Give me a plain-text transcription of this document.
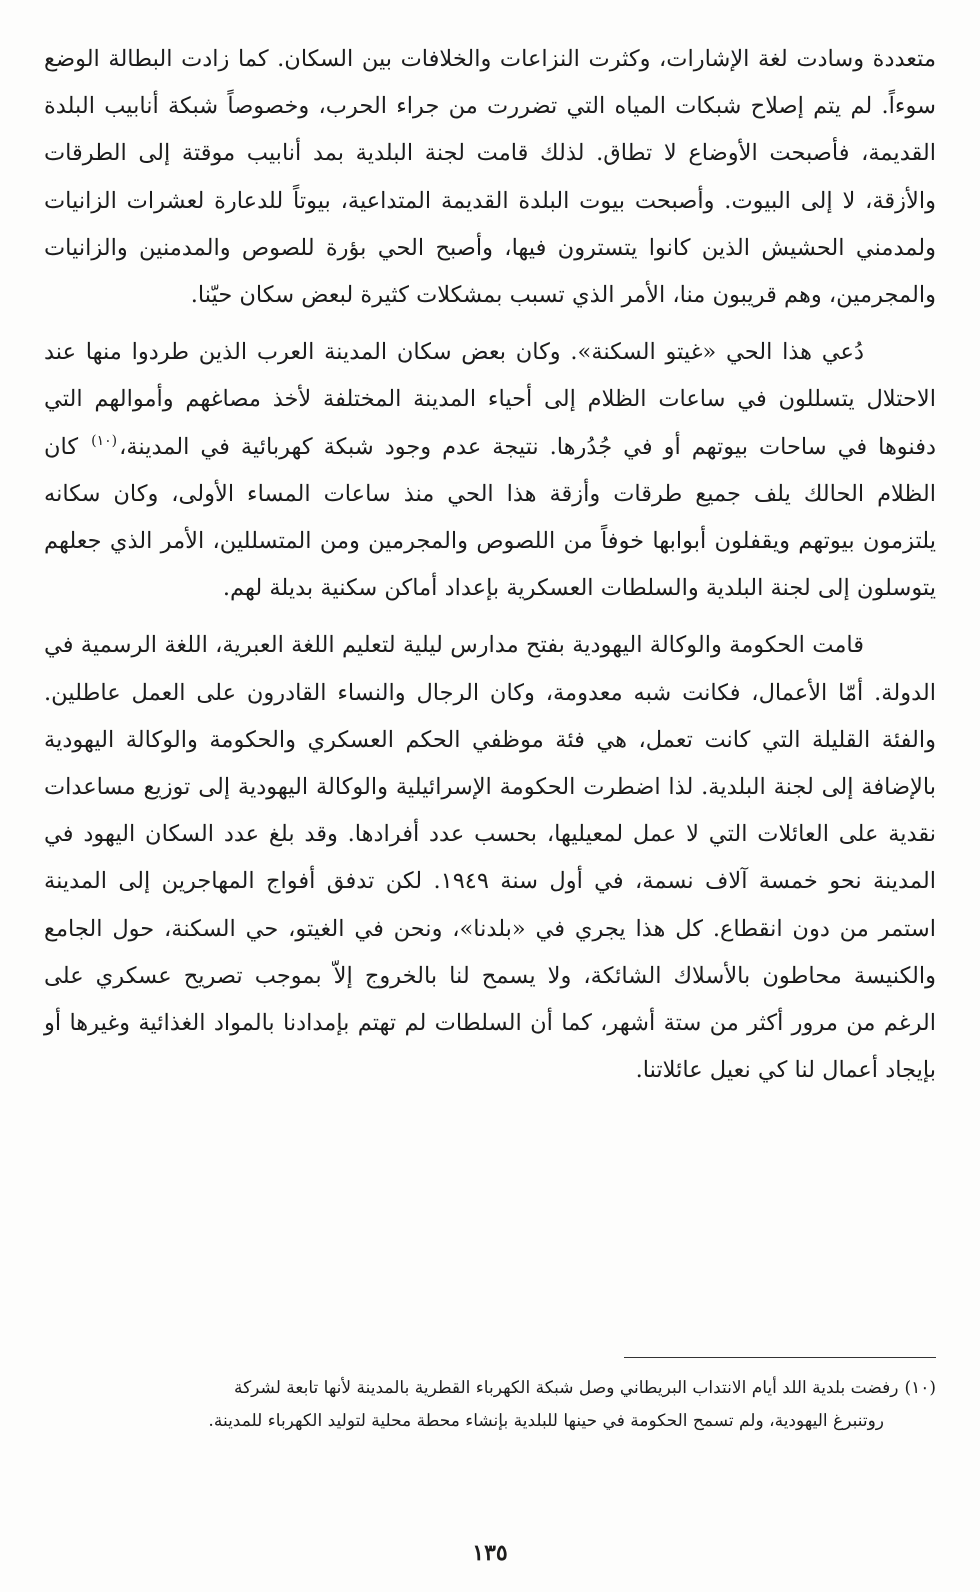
متعددة وسادت لغة الإشارات، وكثرت النزاعات والخلافات بين السكان. كما زادت البطالة الوضع سوءاً. لم يتم إصلاح شبكات المياه التي تضررت من جراء الحرب، وخصوصاً شبكة أنابيب البلدة القديمة، فأصبحت الأوضاع لا تطاق. لذلك قامت لجنة البلدية بمد أنابيب موقتة إلى الطرقات والأزقة، لا إلى البيوت. وأصبحت بيوت البلدة القديمة المتداعية، بيوتاً للدعارة لعشرات الزانيات ولمدمني الحشيش الذين كانوا يتسترون فيها، وأصبح الحي بؤرة للصوص والمدمنين والزانيات والمجرمين، وهم قريبون منا، الأمر الذي تسبب بمشكلات كثيرة لبعض سكان حيّنا.

دُعي هذا الحي «غيتو السكنة». وكان بعض سكان المدينة العرب الذين طردوا منها عند الاحتلال يتسللون في ساعات الظلام إلى أحياء المدينة المختلفة لأخذ مصاغهم وأموالهم التي دفنوها في ساحات بيوتهم أو في جُدُرها. نتيجة عدم وجود شبكة كهربائية في المدينة،$^{(١٠)}$ كان الظلام الحالك يلف جميع طرقات وأزقة هذا الحي منذ ساعات المساء الأولى، وكان سكانه يلتزمون بيوتهم ويقفلون أبوابها خوفاً من اللصوص والمجرمين ومن المتسللين، الأمر الذي جعلهم يتوسلون إلى لجنة البلدية والسلطات العسكرية بإعداد أماكن سكنية بديلة لهم.

قامت الحكومة والوكالة اليهودية بفتح مدارس ليلية لتعليم اللغة العبرية، اللغة الرسمية في الدولة. أمّا الأعمال، فكانت شبه معدومة، وكان الرجال والنساء القادرون على العمل عاطلين. والفئة القليلة التي كانت تعمل، هي فئة موظفي الحكم العسكري والحكومة والوكالة اليهودية بالإضافة إلى لجنة البلدية. لذا اضطرت الحكومة الإسرائيلية والوكالة اليهودية إلى توزيع مساعدات نقدية على العائلات التي لا عمل لمعيليها، بحسب عدد أفرادها. وقد بلغ عدد السكان اليهود في المدينة نحو خمسة آلاف نسمة، في أول سنة ١٩٤٩. لكن تدفق أفواج المهاجرين إلى المدينة استمر من دون انقطاع. كل هذا يجري في «بلدنا»، ونحن في الغيتو، حي السكنة، حول الجامع والكنيسة محاطون بالأسلاك الشائكة، ولا يسمح لنا بالخروج إلاّ بموجب تصريح عسكري على الرغم من مرور أكثر من ستة أشهر، كما أن السلطات لم تهتم بإمدادنا بالمواد الغذائية وغيرها أو بإيجاد أعمال لنا كي نعيل عائلاتنا.

(١٠)رفضت بلدية اللد أيام الانتداب البريطاني وصل شبكة الكهرباء القطرية بالمدينة لأنها تابعة لشركة
روتنبرغ اليهودية، ولم تسمح الحكومة في حينها للبلدية بإنشاء محطة محلية لتوليد الكهرباء للمدينة.
١٣٥
